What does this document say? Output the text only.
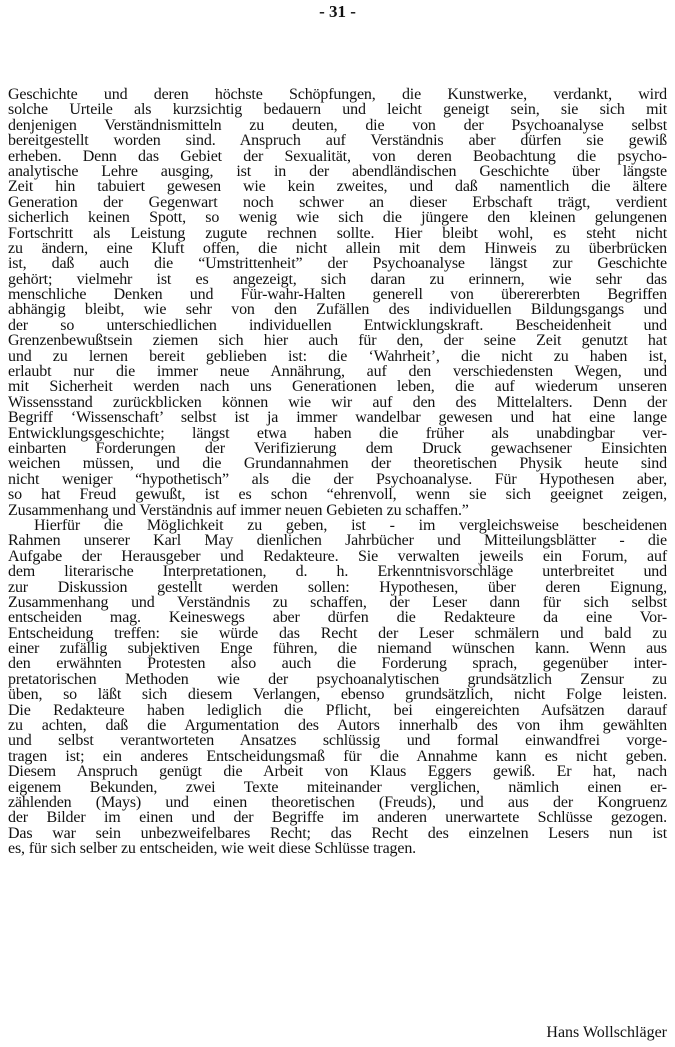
- 31 -
Geschichte und deren höchste Schöpfungen, die Kunstwerke, verdankt, wird
solche Urteile als kurzsichtig bedauern und leicht geneigt sein, sie sich mit
denjenigen Verständnismitteln zu deuten, die von der Psychoanalyse selbst
bereitgestellt worden sind. Anspruch auf Verständnis aber dürfen sie gewiß
erheben. Denn das Gebiet der Sexualität, von deren Beobachtung die psycho-
analytische Lehre ausging, ist in der abendländischen Geschichte über längste
Zeit hin tabuiert gewesen wie kein zweites, und daß namentlich die ältere
Generation der Gegenwart noch schwer an dieser Erbschaft trägt, verdient
sicherlich keinen Spott, so wenig wie sich die jüngere den kleinen gelungenen
Fortschritt als Leistung zugute rechnen sollte. Hier bleibt wohl, es steht nicht
zu ändern, eine Kluft offen, die nicht allein mit dem Hinweis zu überbrücken
ist, daß auch die “Umstrittenheit” der Psychoanalyse längst zur Geschichte
gehört; vielmehr ist es angezeigt, sich daran zu erinnern, wie sehr das
menschliche Denken und Für-wahr-Halten generell von überererbten Begriffen
abhängig bleibt, wie sehr von den Zufällen des individuellen Bildungsgangs und
der so unterschiedlichen individuellen Entwicklungskraft. Bescheidenheit und
Grenzenbewußtsein ziemen sich hier auch für den, der seine Zeit genutzt hat
und zu lernen bereit geblieben ist: die ‘Wahrheit’, die nicht zu haben ist,
erlaubt nur die immer neue Annährung, auf den verschiedensten Wegen, und
mit Sicherheit werden nach uns Generationen leben, die auf wiederum unseren
Wissensstand zurückblicken können wie wir auf den des Mittelalters. Denn der
Begriff ‘Wissenschaft’ selbst ist ja immer wandelbar gewesen und hat eine lange
Entwicklungsgeschichte; längst etwa haben die früher als unabdingbar ver-
einbarten Forderungen der Verifizierung dem Druck gewachsener Einsichten
weichen müssen, und die Grundannahmen der theoretischen Physik heute sind
nicht weniger “hypothetisch” als die der Psychoanalyse. Für Hypothesen aber,
so hat Freud gewußt, ist es schon “ehrenvoll, wenn sie sich geeignet zeigen,
Zusammenhang und Verständnis auf immer neuen Gebieten zu schaffen.”
Hierfür die Möglichkeit zu geben, ist - im vergleichsweise bescheidenen
Rahmen unserer Karl May dienlichen Jahrbücher und Mitteilungsblätter - die
Aufgabe der Herausgeber und Redakteure. Sie verwalten jeweils ein Forum, auf
dem literarische Interpretationen, d. h. Erkenntnisvorschläge unterbreitet und
zur Diskussion gestellt werden sollen: Hypothesen, über deren Eignung,
Zusammenhang und Verständnis zu schaffen, der Leser dann für sich selbst
entscheiden mag. Keineswegs aber dürfen die Redakteure da eine Vor-
Entscheidung treffen: sie würde das Recht der Leser schmälern und bald zu
einer zufällig subjektiven Enge führen, die niemand wünschen kann. Wenn aus
den erwähnten Protesten also auch die Forderung sprach, gegenüber inter-
pretatorischen Methoden wie der psychoanalytischen grundsätzlich Zensur zu
üben, so läßt sich diesem Verlangen, ebenso grundsätzlich, nicht Folge leisten.
Die Redakteure haben lediglich die Pflicht, bei eingereichten Aufsätzen darauf
zu achten, daß die Argumentation des Autors innerhalb des von ihm gewählten
und selbst verantworteten Ansatzes schlüssig und formal einwandfrei vorge-
tragen ist; ein anderes Entscheidungsmaß für die Annahme kann es nicht geben.
Diesem Anspruch genügt die Arbeit von Klaus Eggers gewiß. Er hat, nach
eigenem Bekunden, zwei Texte miteinander verglichen, nämlich einen er-
zählenden (Mays) und einen theoretischen (Freuds), und aus der Kongruenz
der Bilder im einen und der Begriffe im anderen unerwartete Schlüsse gezogen.
Das war sein unbezweifelbares Recht; das Recht des einzelnen Lesers nun ist
es, für sich selber zu entscheiden, wie weit diese Schlüsse tragen.
Hans Wollschläger
